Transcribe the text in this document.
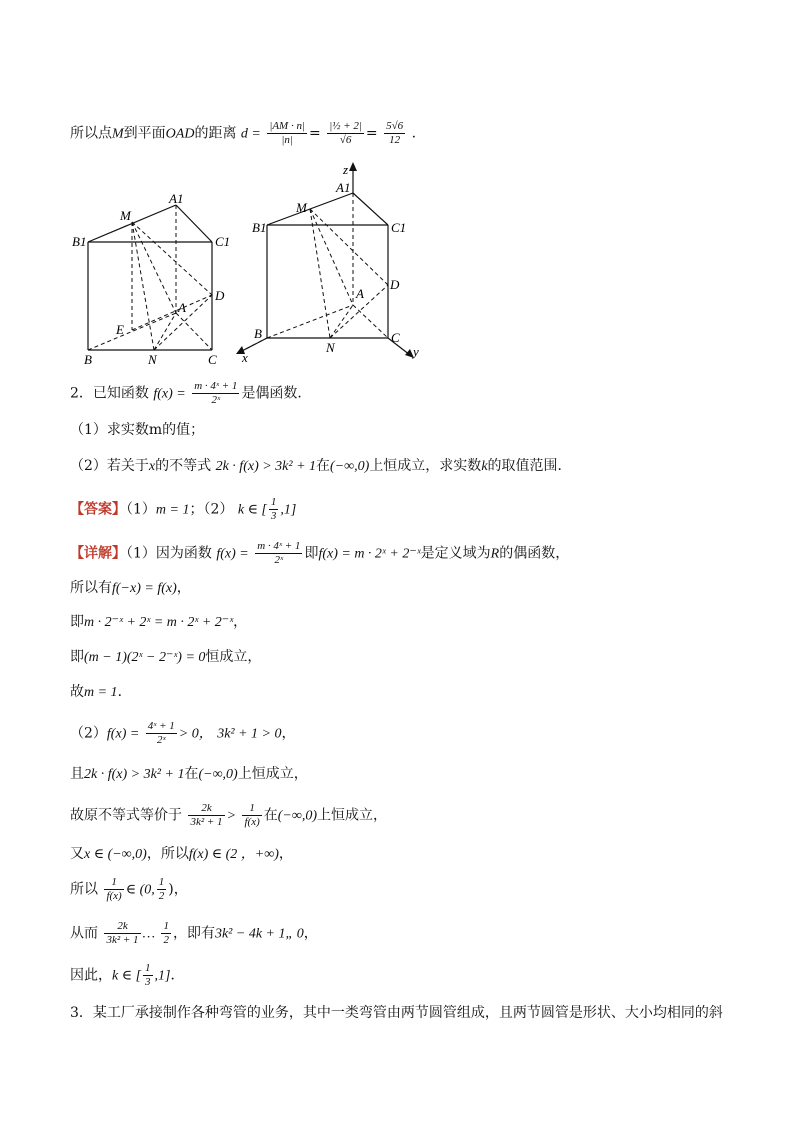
所以点M到平面OAD的距离 $d = \frac{|AM \cdot n|}{|n|} = \frac{\text{|½ + 2|}}{√6} = \frac{5√6}{12}$ .
A1
M
B1	C1
D
A
E
B	N	C
z
A1
M
B1	C1
D
A
B
N
C
x	y
2．已知函数 $f(x) = \frac{\text{m · 4ˣ + 1}}{\text{2ˣ}}$ 是偶函数．
（1）求实数m的值；
（2）若关于x的不等式 2k · f(x) > 3k² + 1在(−∞,0)上恒成立，求实数k的取值范围．
【答案】（1）m = 1；（2） k ∈ [ $\frac{1}{3} ,1$]
【详解】（1）因为函数 $f(x) = \frac{\text{m · 4ˣ + 1}}{\text{2ˣ}}$ 即f(x) = m · 2ˣ + 2⁻ˣ是定义域为R的偶函数，
所以有f(−x) = f(x)，
即m · 2⁻ˣ + 2ˣ = m · 2ˣ + 2⁻ˣ，
即(m − 1)(2ˣ − 2⁻ˣ) = 0恒成立，
故m = 1．
$(2)f(x) = \frac{\text{4ˣ + 1}}{\text{2ˣ}} > 0$， 3k² + 1 > 0，
且2k · f(x) > 3k² + 1在(−∞,0)上恒成立，
故原不等式等价于 $\frac{2k}{\text{3k² + 1}} > \frac{1}{f(x)}$ 在(−∞,0)上恒成立，
又x ∈ (−∞,0)，所以f(x) ∈ (2 ，+∞)，
所以 $\frac{1}{f(x)}$ ∈ (0, $\frac{1}{2}$ )，
从而 $\frac{2k}{\text{3k² + 1}}$ … $\frac{1}{2}$ ，即有3k² − 4k + 1„ 0，
因此，k ∈ [ $\frac{1}{3} ,1$]．
3．某工厂承接制作各种弯管的业务，其中一类弯管由两节圆管组成，且两节圆管是形状、大小均相同的斜
